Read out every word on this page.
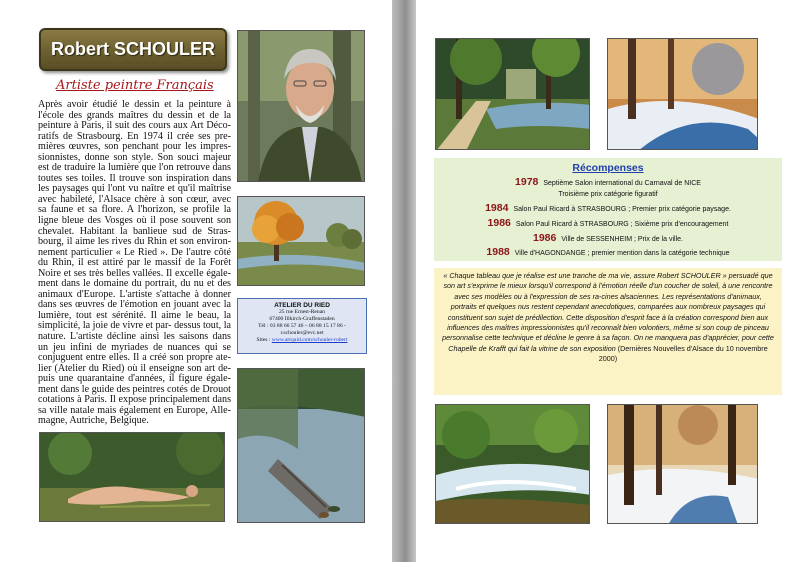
Robert SCHOULER
Artiste peintre Français
Après avoir étudié le dessin et la peinture à l'école des grands maîtres du dessin et de la peinture à Paris, il suit des cours aux Art Déco-ratifs de Strasbourg. En 1974 il crée ses pre-mières œuvres, son penchant pour les impres-sionnistes, donne son style. Son souci majeur est de traduire la lumière que l'on retrouve dans toutes ses toiles. Il trouve son inspiration dans les paysages qui l'ont vu naître et qu'il maîtrise avec habileté, l'Alsace chère à son cœur, avec sa faune et sa flore. A l'horizon, se profile la ligne bleue des Vosges où il pose souvent son chevalet. Habitant la banlieue sud de Stras-bourg, il aime les rives du Rhin et son environ-nement particulier « Le Ried ». De l'autre côté du Rhin, il est attiré par le massif de la Forêt Noire et ses très belles vallées. Il excelle égale-ment dans le domaine du portrait, du nu et des animaux d'Europe. L'artiste s'attache à donner dans ses œuvres de l'émotion en jouant avec la lumière, tout est sérénité. Il aime le beau, la simplicité, la joie de vivre et par- dessus tout, la nature. L'artiste décline ainsi les saisons dans un jeu infini de myriades de nuances qui se conjuguent entre elles. Il a créé son propre ate-lier (Atelier du Ried) où il enseigne son art de-puis une quarantaine d'années, il figure égale-ment dans le guide des peintres cotés de Drouot cotations à Paris. Il expose principalement dans sa ville natale mais également en Europe, Alle-magne, Autriche, Belgique.
ATELIER DU RIED
25 rue Ernest-Renan
67400 Illkirch-Graffenstaden
Tél : 03 88 66 57 46 – 06 88 15 17 86 -
r.schouler@evc.net
Sites : www.artquid.com/schouler-robert
Récompenses
1978 Septième Salon international du Carnaval de NICE
Troisième prix catégorie figuratif
1984 Salon Paul Ricard à STRASBOURG ; Premier prix catégorie paysage.
1986 Salon Paul Ricard à STRASBOURG ; Sixième prix d'encouragement
1986 Ville de SESSENHEIM ; Prix de la ville.
1988 Ville d'HAGONDANGE ; premier mention dans la catégorie technique
« Chaque tableau que je réalise est une tranche de ma vie, assure Robert SCHOULER » persuadé que son art s'exprime le mieux lorsqu'il correspond à l'émotion réelle d'un coucher de soleil, à une rencontre avec ses modèles ou à l'expression de ses ra-cines alsaciennes. Les représentations d'animaux, portraits et quelques nus restent cependant anecdotiques, comparées aux nombreux paysages qui constituent son sujet de prédilection. Cette disposition d'esprit face à la création correspond bien aux influences des maîtres impressionnistes qu'il reconnaît bien volontiers, même si son coup de pinceau personnalise cette technique et décline le genre à sa façon. On ne manquera pas d'apprécier, pour cette Chapelle de Krafft qui fait la vitrine de son exposition (Dernières Nouvelles d'Alsace du 10 novembre 2000)
